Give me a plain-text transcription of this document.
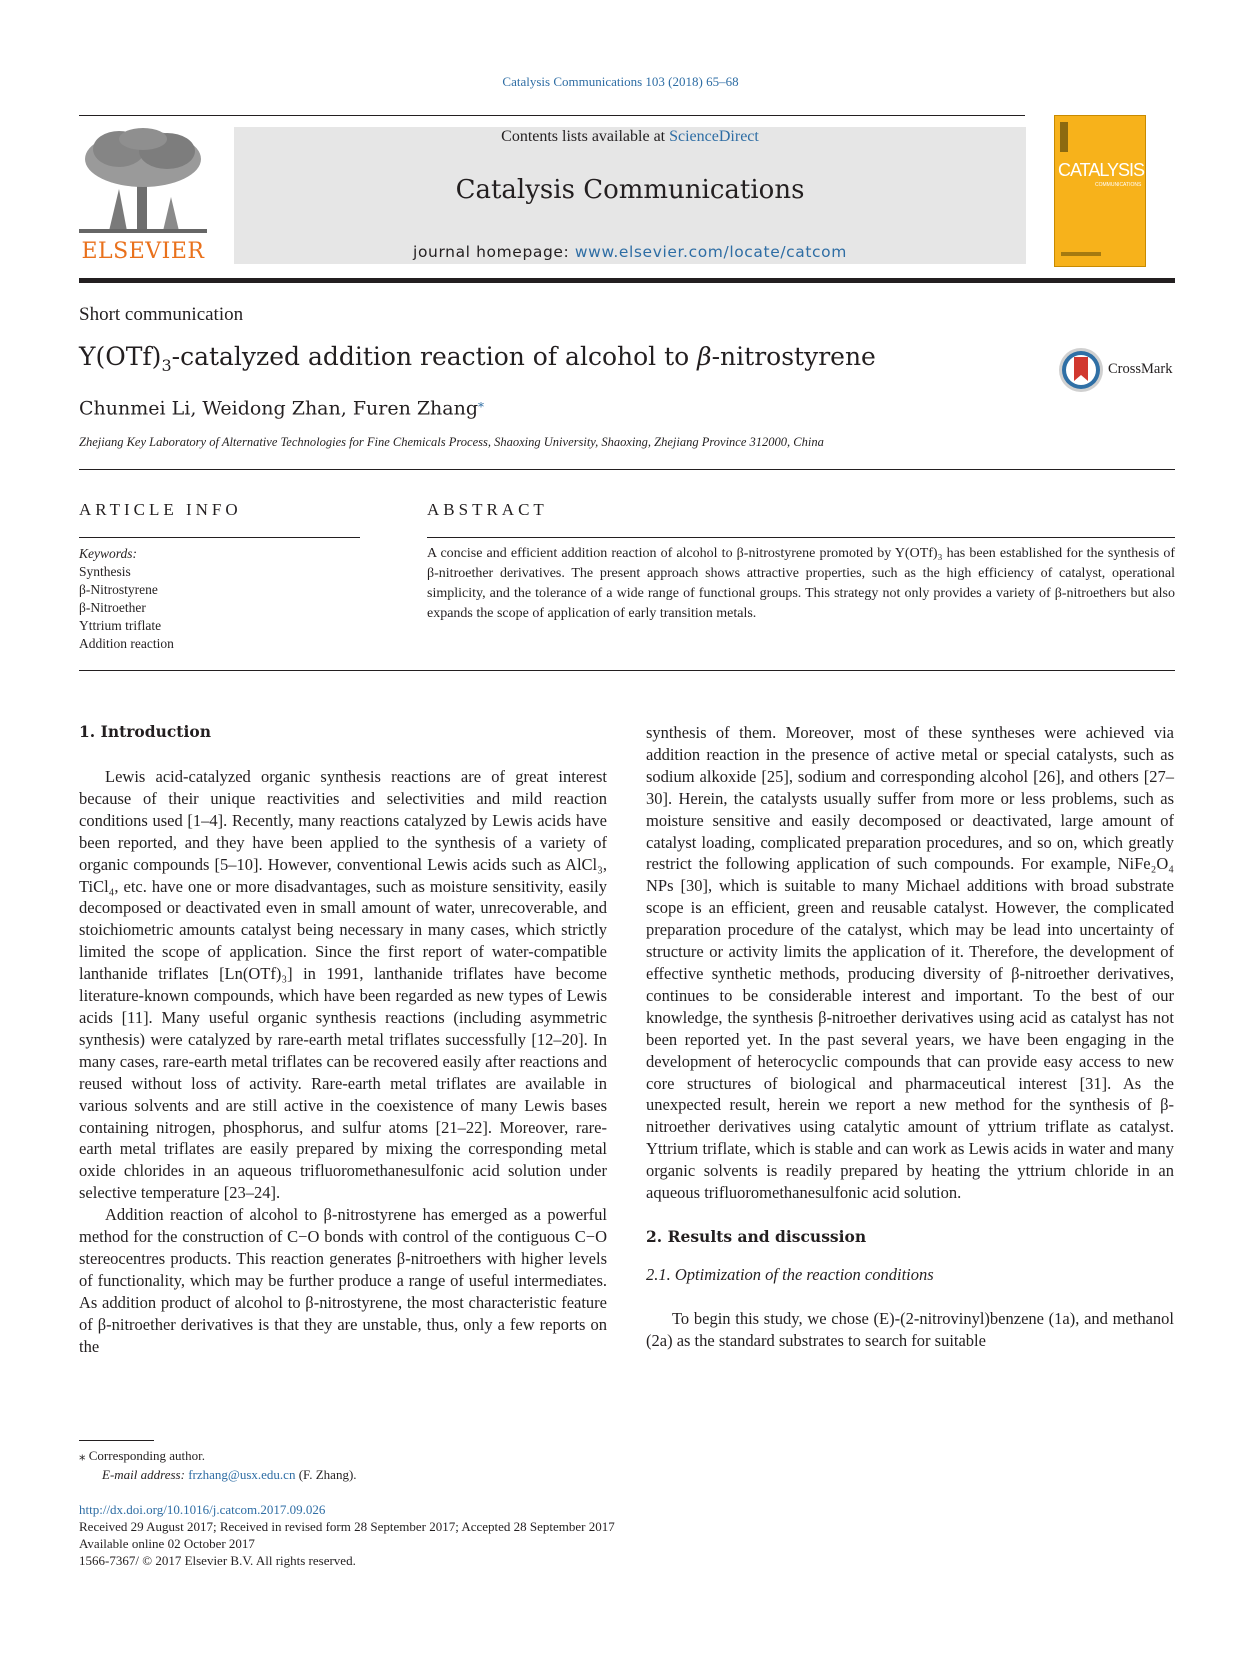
Catalysis Communications 103 (2018) 65–68
ELSEVIER
Contents lists available at ScienceDirect
Catalysis Communications
journal homepage: www.elsevier.com/locate/catcom
CATALYSIS
COMMUNICATIONS
Short communication
$Y(OTf)_3$-catalyzed addition reaction of alcohol to β-nitrostyrene	CrossMark
Chunmei Li, Weidong Zhan, Furen Zhang⁎
Zhejiang Key Laboratory of Alternative Technologies for Fine Chemicals Process, Shaoxing University, Shaoxing, Zhejiang Province 312000, China
ARTICLE INFO
Keywords:
Synthesis
β-Nitrostyrene
β-Nitroether
Yttrium triflate
Addition reaction
ABSTRACT
A concise and efficient addition reaction of alcohol to β-nitrostyrene promoted by Y(OTf)₃ has been established for the synthesis of β-nitroether derivatives. The present approach shows attractive properties, such as the high efficiency of catalyst, operational simplicity, and the tolerance of a wide range of functional groups. This strategy not only provides a variety of β-nitroethers but also expands the scope of application of early transition metals.
1. Introduction

Lewis acid-catalyzed organic synthesis reactions are of great interest because of their unique reactivities and selectivities and mild reaction conditions used [1–4]. Recently, many reactions catalyzed by Lewis acids have been reported, and they have been applied to the synthesis of a variety of organic compounds [5–10]. However, conventional Lewis acids such as AlCl₃, TiCl₄, etc. have one or more disadvantages, such as moisture sensitivity, easily decomposed or deactivated even in small amount of water, unrecoverable, and stoichiometric amounts catalyst being necessary in many cases, which strictly limited the scope of application. Since the first report of water-compatible lanthanide triflates [Ln(OTf)₃] in 1991, lanthanide triflates have become literature-known compounds, which have been regarded as new types of Lewis acids [11]. Many useful organic synthesis reactions (including asymmetric synthesis) were catalyzed by rare-earth metal triflates successfully [12–20]. In many cases, rare-earth metal triflates can be recovered easily after reactions and reused without loss of activity. Rare-earth metal triflates are available in various solvents and are still active in the coexistence of many Lewis bases containing nitrogen, phosphorus, and sulfur atoms [21–22]. Moreover, rare-earth metal triflates are easily prepared by mixing the corresponding metal oxide chlorides in an aqueous trifluoromethanesulfonic acid solution under selective temperature [23–24].

Addition reaction of alcohol to β-nitrostyrene has emerged as a powerful method for the construction of C−O bonds with control of the contiguous C−O stereocentres products. This reaction generates β-nitroethers with higher levels of functionality, which may be further produce a range of useful intermediates. As addition product of alcohol to β-nitrostyrene, the most characteristic feature of β-nitroether derivatives is that they are unstable, thus, only a few reports on the

synthesis of them. Moreover, most of these syntheses were achieved via addition reaction in the presence of active metal or special catalysts, such as sodium alkoxide [25], sodium and corresponding alcohol [26], and others [27–30]. Herein, the catalysts usually suffer from more or less problems, such as moisture sensitive and easily decomposed or deactivated, large amount of catalyst loading, complicated preparation procedures, and so on, which greatly restrict the following application of such compounds. For example, NiFe₂O₄ NPs [30], which is suitable to many Michael additions with broad substrate scope is an efficient, green and reusable catalyst. However, the complicated preparation procedure of the catalyst, which may be lead into uncertainty of structure or activity limits the application of it. Therefore, the development of effective synthetic methods, producing diversity of β-nitroether derivatives, continues to be considerable interest and important. To the best of our knowledge, the synthesis β-nitroether derivatives using acid as catalyst has not been reported yet. In the past several years, we have been engaging in the development of heterocyclic compounds that can provide easy access to new core structures of biological and pharmaceutical interest [31]. As the unexpected result, herein we report a new method for the synthesis of β-nitroether derivatives using catalytic amount of yttrium triflate as catalyst. Yttrium triflate, which is stable and can work as Lewis acids in water and many organic solvents is readily prepared by heating the yttrium chloride in an aqueous trifluoromethanesulfonic acid solution.

2. Results and discussion
2.1. Optimization of the reaction conditions

To begin this study, we chose (E)-(2-nitrovinyl)benzene (1a), and methanol (2a) as the standard substrates to search for suitable

⁎ Corresponding author.
E-mail address: frzhang@usx.edu.cn (F. Zhang).
http://dx.doi.org/10.1016/j.catcom.2017.09.026
Received 29 August 2017; Received in revised form 28 September 2017; Accepted 28 September 2017
Available online 02 October 2017
1566-7367/ © 2017 Elsevier B.V. All rights reserved.
